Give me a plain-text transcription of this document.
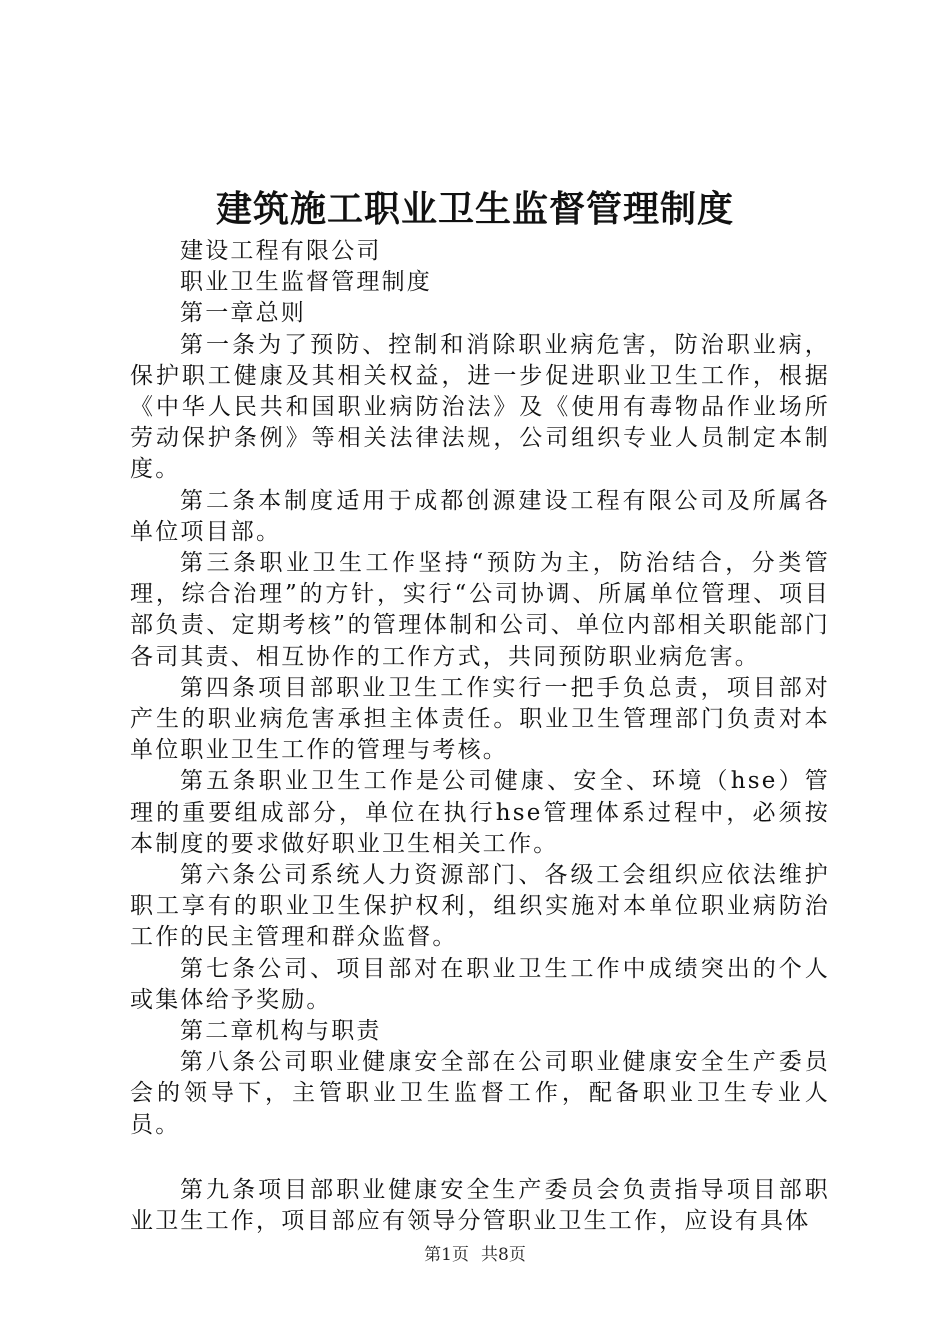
建筑施工职业卫生监督管理制度

建设工程有限公司

职业卫生监督管理制度

第一章总则

第一条为了预防、控制和消除职业病危害，防治职业病，保护职工健康及其相关权益，进一步促进职业卫生工作，根据《中华人民共和国职业病防治法》及《使用有毒物品作业场所劳动保护条例》等相关法律法规，公司组织专业人员制定本制度。

第二条本制度适用于成都创源建设工程有限公司及所属各单位项目部。

第三条职业卫生工作坚持“预防为主，防治结合，分类管理，综合治理”的方针，实行“公司协调、所属单位管理、项目部负责、定期考核”的管理体制和公司、单位内部相关职能部门各司其责、相互协作的工作方式，共同预防职业病危害。

第四条项目部职业卫生工作实行一把手负总责，项目部对产生的职业病危害承担主体责任。职业卫生管理部门负责对本单位职业卫生工作的管理与考核。

第五条职业卫生工作是公司健康、安全、环境（hse）管理的重要组成部分，单位在执行hse管理体系过程中，必须按本制度的要求做好职业卫生相关工作。

第六条公司系统人力资源部门、各级工会组织应依法维护职工享有的职业卫生保护权利，组织实施对本单位职业病防治工作的民主管理和群众监督。

第七条公司、项目部对在职业卫生工作中成绩突出的个人或集体给予奖励。

第二章机构与职责

第八条公司职业健康安全部在公司职业健康安全生产委员会的领导下，主管职业卫生监督工作，配备职业卫生专业人员。

第九条项目部职业健康安全生产委员会负责指导项目部职业卫生工作，项目部应有领导分管职业卫生工作，应设有具体

第1页 共8页
